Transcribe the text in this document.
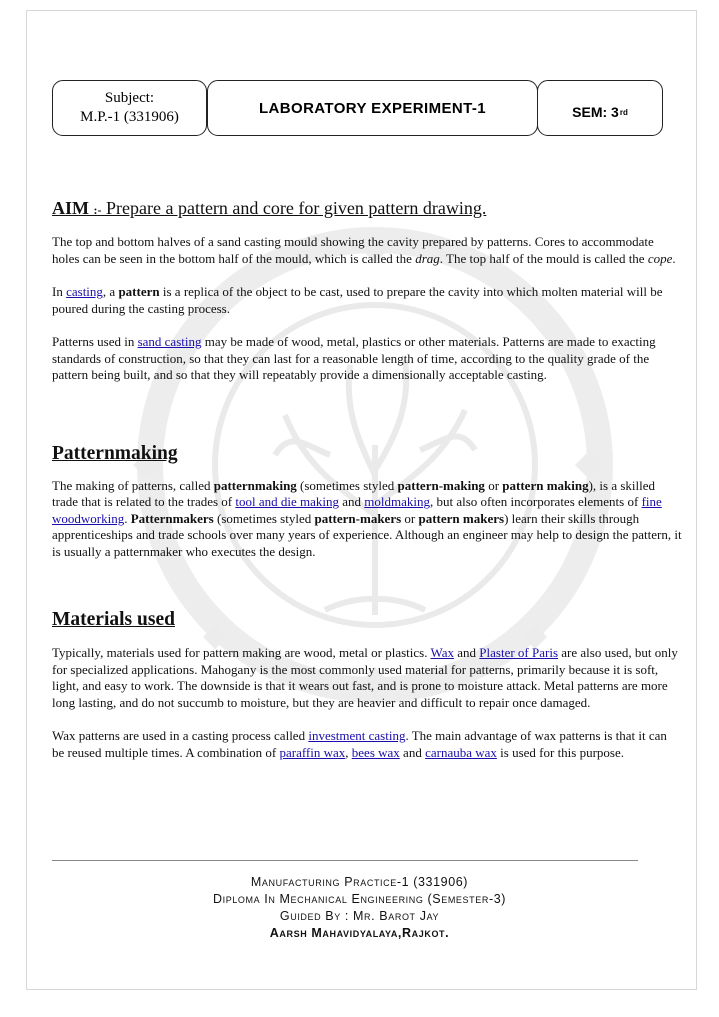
Subject:
M.P.-1 (331906)
LABORATORY EXPERIMENT-1	SEM: 3 rd

AIM :- Prepare a pattern and core for given pattern drawing.

The top and bottom halves of a sand casting mould showing the cavity prepared by patterns. Cores to accommodate holes can be seen in the bottom half of the mould, which is called the drag. The top half of the mould is called the cope.

In casting, a pattern is a replica of the object to be cast, used to prepare the cavity into which molten material will be poured during the casting process.

Patterns used in sand casting may be made of wood, metal, plastics or other materials. Patterns are made to exacting standards of construction, so that they can last for a reasonable length of time, according to the quality grade of the pattern being built, and so that they will repeatably provide a dimensionally acceptable casting.

Patternmaking

The making of patterns, called patternmaking (sometimes styled pattern-making or pattern making), is a skilled trade that is related to the trades of tool and die making and moldmaking, but also often incorporates elements of fine woodworking. Patternmakers (sometimes styled pattern-makers or pattern makers) learn their skills through apprenticeships and trade schools over many years of experience. Although an engineer may help to design the pattern, it is usually a patternmaker who executes the design.

Materials used

Typically, materials used for pattern making are wood, metal or plastics. Wax and Plaster of Paris are also used, but only for specialized applications. Mahogany is the most commonly used material for patterns, primarily because it is soft, light, and easy to work. The downside is that it wears out fast, and is prone to moisture attack. Metal patterns are more long lasting, and do not succumb to moisture, but they are heavier and difficult to repair once damaged.

Wax patterns are used in a casting process called investment casting. The main advantage of wax patterns is that it can be reused multiple times. A combination of paraffin wax, bees wax and carnauba wax is used for this purpose.

Manufacturing Practice-1 (331906)
Diploma In Mechanical Engineering (Semester-3)
Guided By : Mr. Barot Jay
Aarsh Mahavidyalaya,Rajkot.
